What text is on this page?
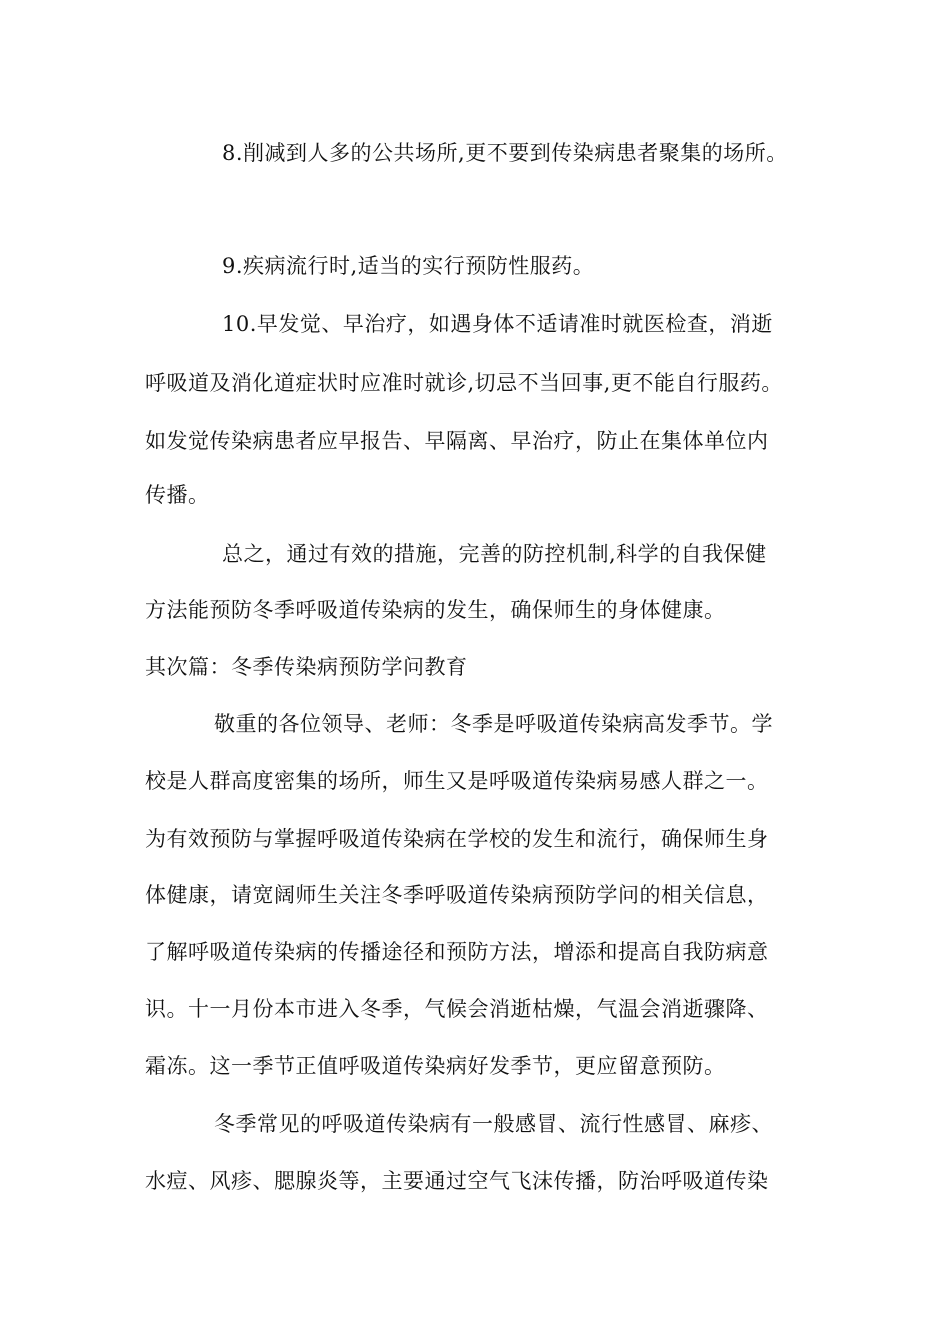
8.削减到人多的公共场所,更不要到传染病患者聚集的场所。
9.疾病流行时,适当的实行预防性服药。
10.早发觉、早治疗，如遇身体不适请准时就医检查，消逝
呼吸道及消化道症状时应准时就诊,切忌不当回事,更不能自行服药。
如发觉传染病患者应早报告、早隔离、早治疗，防止在集体单位内
传播。
总之，通过有效的措施，完善的防控机制,科学的自我保健
方法能预防冬季呼吸道传染病的发生，确保师生的身体健康。
其次篇：冬季传染病预防学问教育
敬重的各位领导、老师：冬季是呼吸道传染病高发季节。学
校是人群高度密集的场所，师生又是呼吸道传染病易感人群之一。
为有效预防与掌握呼吸道传染病在学校的发生和流行，确保师生身
体健康，请宽阔师生关注冬季呼吸道传染病预防学问的相关信息，
了解呼吸道传染病的传播途径和预防方法，增添和提高自我防病意
识。十一月份本市进入冬季，气候会消逝枯燥，气温会消逝骤降、
霜冻。这一季节正值呼吸道传染病好发季节，更应留意预防。
冬季常见的呼吸道传染病有一般感冒、流行性感冒、麻疹、
水痘、风疹、腮腺炎等，主要通过空气飞沫传播，防治呼吸道传染
